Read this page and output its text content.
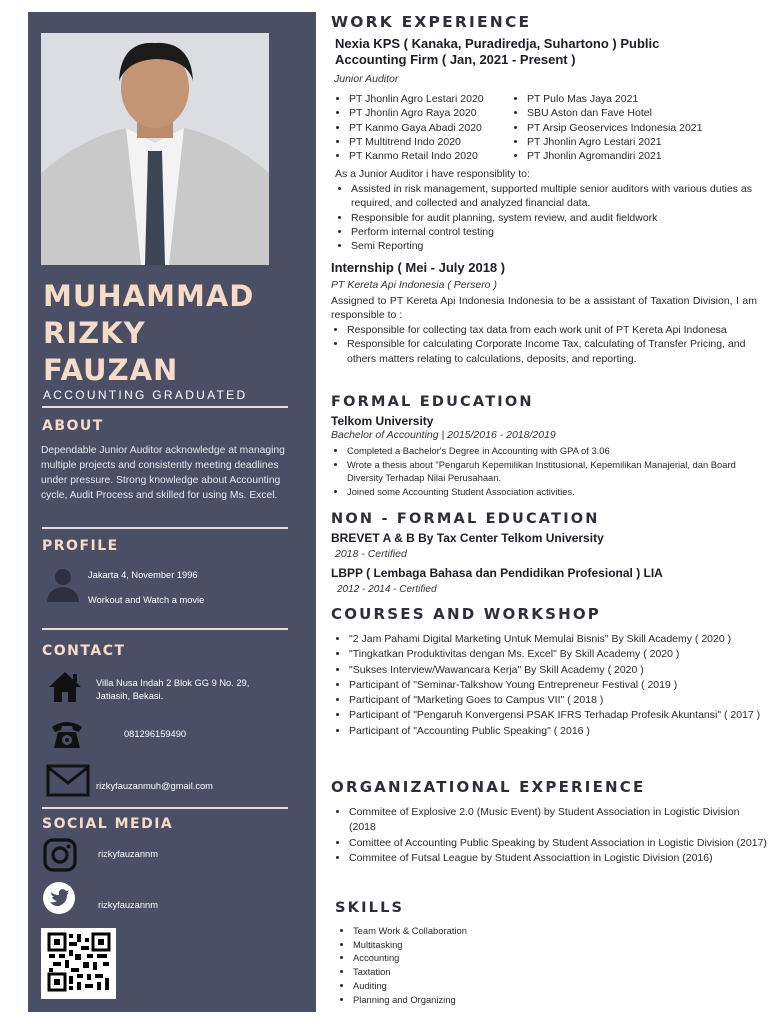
MUHAMMAD
RIZKY
FAUZAN
ACCOUNTING GRADUATED
ABOUT
Dependable Junior Auditor acknowledge at managing multiple projects and consistently meeting deadlines under pressure. Strong knowledge about Accounting cycle, Audit Process and skilled for using Ms. Excel.
PROFILE
Jakarta 4, November 1996
Workout and Watch a movie
CONTACT
Villa Nusa Indah 2 Blok GG 9 No. 29,
Jatiasih, Bekasi.
081296159490
rizkyfauzanmuh@gmail.com
SOCIAL MEDIA
rizkyfauzannm
rizkyfauzannm
WORK EXPERIENCE
Nexia KPS ( Kanaka, Puradiredja, Suhartono ) Public
Accounting Firm ( Jan, 2021 - Present )
Junior Auditor
• PT Jhonlin Agro Lestari 2020
• PT Jhonlin Agro Raya 2020
• PT Kanmo Gaya Abadi 2020
• PT Multitrend Indo 2020
• PT Kanmo Retail Indo 2020
• PT Pulo Mas Jaya 2021
• SBU Aston dan Fave Hotel
• PT Arsip Geoservices Indonesia 2021
• PT Jhonlin Agro Lestari 2021
• PT Jhonlin Agromandiri 2021
As a Junior Auditor i have responsiblity to:
• Assisted in risk management, supported multiple senior auditors with various duties as required, and collected and analyzed financial data.
• Responsible for audit planning, system review, and audit fieldwork
• Perform internal control testing
• Semi Reporting
Internship ( Mei - July 2018 )
PT Kereta Api Indonesia ( Persero )
Assigned to PT Kereta Api Indonesia Indonesia to be a assistant of Taxation Division, I am responsible to :
• Responsible for collecting tax data from each work unit of PT Kereta Api Indonesa
• Responsible for calculating Corporate Income Tax, calculating of Transfer Pricing, and others matters relating to calculations, deposits, and reporting.
FORMAL EDUCATION
Telkom University
Bachelor of Accounting | 2015/2016 - 2018/2019
• Completed a Bachelor's Degree in Accounting with GPA of 3.06
• Wrote a thesis about "Pengaruh Kepemilikan Institusional, Kepemilikan Manajerial, dan Board Diversity Terhadap Nilai Perusahaan.
• Joined some Accounting Student Association activities.
NON - FORMAL EDUCATION
BREVET A & B By Tax Center Telkom University
2018 - Certified
LBPP ( Lembaga Bahasa dan Pendidikan Profesional ) LIA
2012 - 2014 - Certified
COURSES AND WORKSHOP
• "2 Jam Pahami Digital Marketing Untuk Memulai Bisnis" By Skill Academy ( 2020 )
• "Tingkatkan Produktivitas dengan Ms. Excel" By Skill Academy ( 2020 )
• "Sukses Interview/Wawancara Kerja" By Skill Academy ( 2020 )
• Participant of "Seminar-Talkshow Young Entrepreneur Festival ( 2019 )
• Participant of "Marketing Goes to Campus VII" ( 2018 )
• Participant of "Pengaruh Konvergensi PSAK IFRS Terhadap Profesik Akuntansi" ( 2017 )
• Participant of "Accounting Public Speaking" ( 2016 )
ORGANIZATIONAL EXPERIENCE
• Commitee of Explosive 2.0 (Music Event) by Student Association in Logistic Division (2018
• Comittee of Accounting Public Speaking by Student Association in Logistic Division (2017)
• Commitee of Futsal League by Student Associattion in Logistic Division (2016)
SKILLS
• Team Work & Collaboration
• Multitasking
• Accounting
• Taxtation
• Auditing
• Planning and Organizing
